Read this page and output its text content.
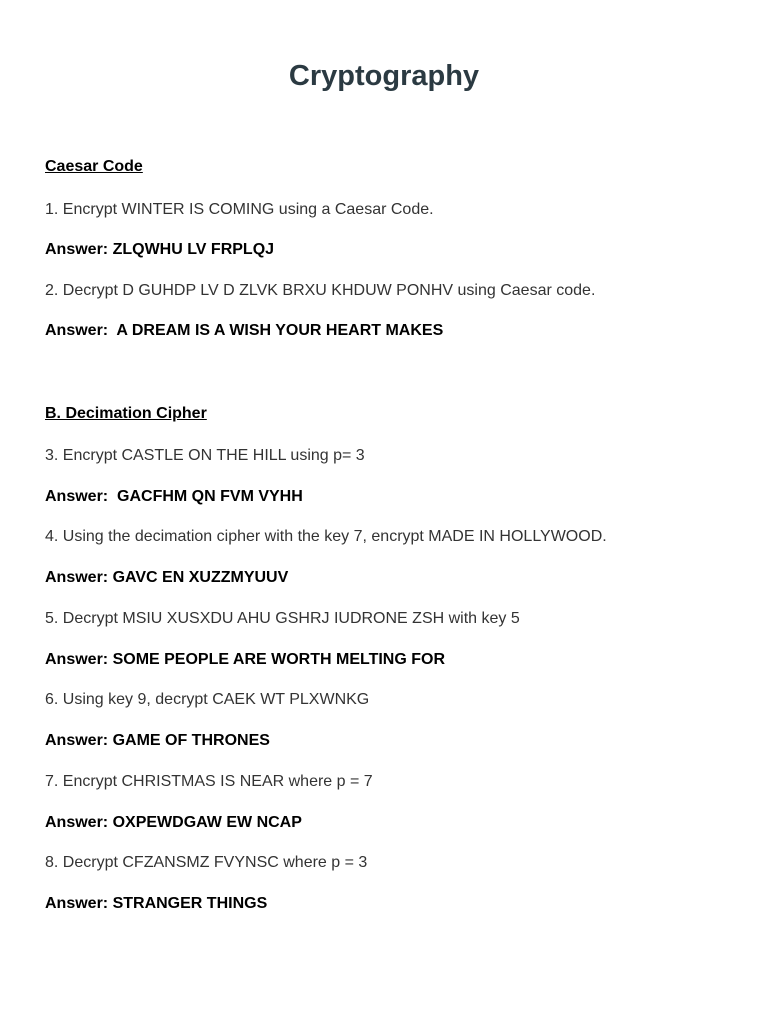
Cryptography
Caesar Code
1. Encrypt WINTER IS COMING using a Caesar Code.
Answer: ZLQWHU LV FRPLQJ
2. Decrypt D GUHDP LV D ZLVK BRXU KHDUW PONHV using Caesar code.
Answer:  A DREAM IS A WISH YOUR HEART MAKES
B. Decimation Cipher
3. Encrypt CASTLE ON THE HILL using p= 3
Answer:  GACFHM QN FVM VYHH
4. Using the decimation cipher with the key 7, encrypt MADE IN HOLLYWOOD.
Answer: GAVC EN XUZZMYUUV
5. Decrypt MSIU XUSXDU AHU GSHRJ IUDRONE ZSH with key 5
Answer: SOME PEOPLE ARE WORTH MELTING FOR
6. Using key 9, decrypt CAEK WT PLXWNKG
Answer: GAME OF THRONES
7. Encrypt CHRISTMAS IS NEAR where p = 7
Answer: OXPEWDGAW EW NCAP
8. Decrypt CFZANSMZ FVYNSC where p = 3
Answer: STRANGER THINGS
